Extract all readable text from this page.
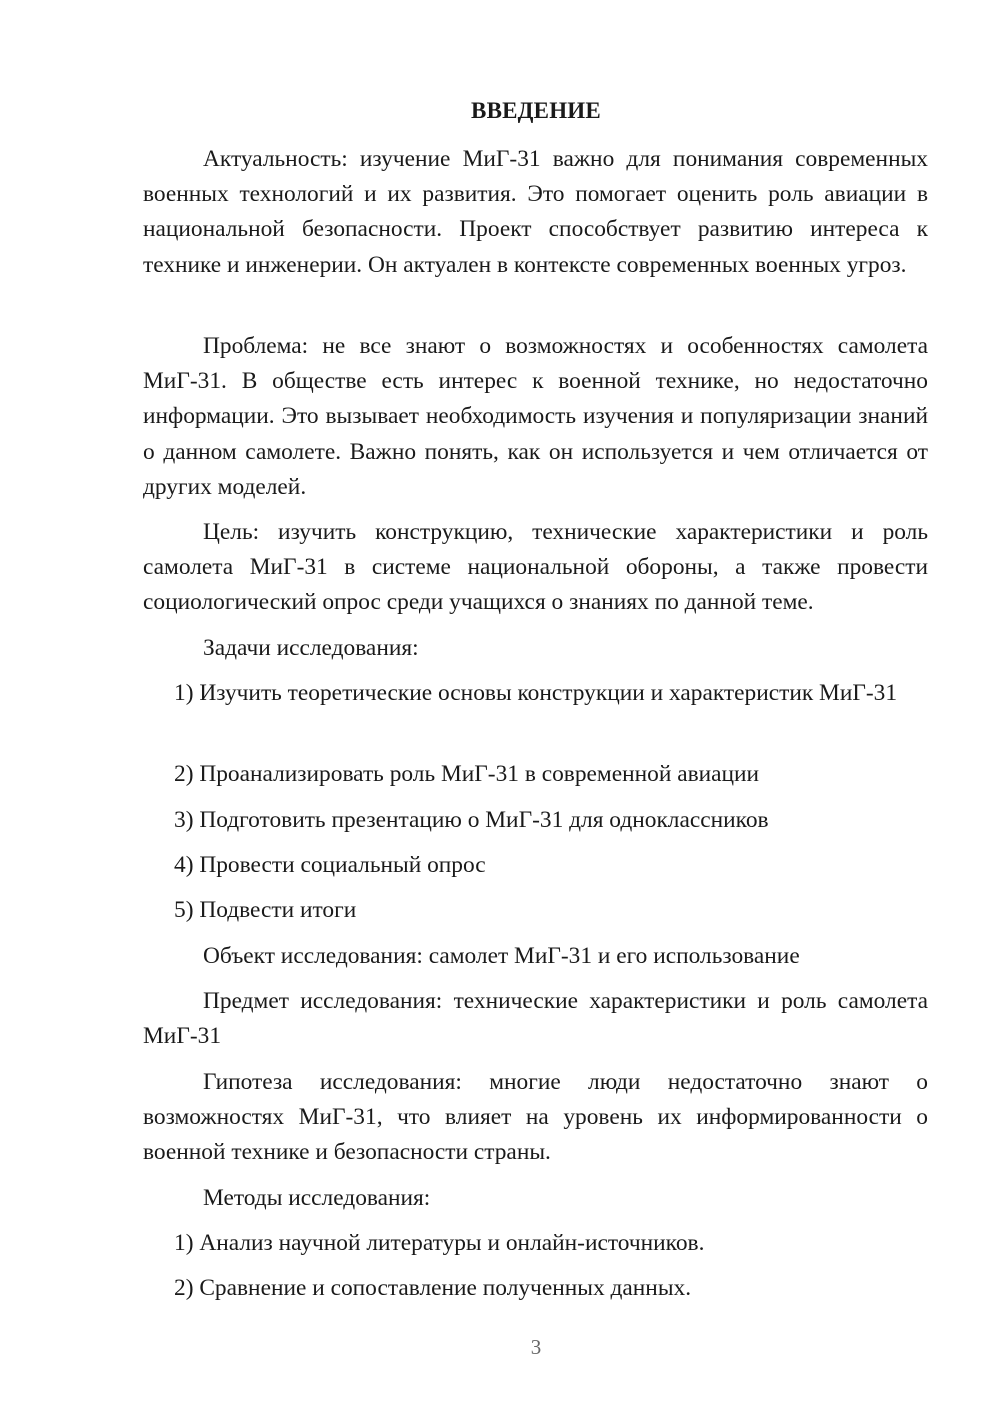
ВВЕДЕНИЕ

Актуальность: изучение МиГ-31 важно для понимания современных военных технологий и их развития. Это помогает оценить роль авиации в национальной безопасности. Проект способствует развитию интереса к технике и инженерии. Он актуален в контексте современных военных угроз.

Проблема: не все знают о возможностях и особенностях самолета МиГ-31. В обществе есть интерес к военной технике, но недостаточно информации. Это вызывает необходимость изучения и популяризации знаний о данном самолете. Важно понять, как он используется и чем отличается от других моделей.

Цель: изучить конструкцию, технические характеристики и роль самолета МиГ-31 в системе национальной обороны, а также провести социологический опрос среди учащихся о знаниях по данной теме.

Задачи исследования:

1) Изучить теоретические основы конструкции и характеристик МиГ-31

2) Проанализировать роль МиГ-31 в современной авиации

3) Подготовить презентацию о МиГ-31 для одноклассников

4) Провести социальный опрос

5) Подвести итоги

Объект исследования: самолет МиГ-31 и его использование

Предмет исследования: технические характеристики и роль самолета МиГ-31

Гипотеза исследования: многие люди недостаточно знают о возможностях МиГ-31, что влияет на уровень их информированности о военной технике и безопасности страны.

Методы исследования:

1) Анализ научной литературы и онлайн-источников.

2) Сравнение и сопоставление полученных данных.

3
